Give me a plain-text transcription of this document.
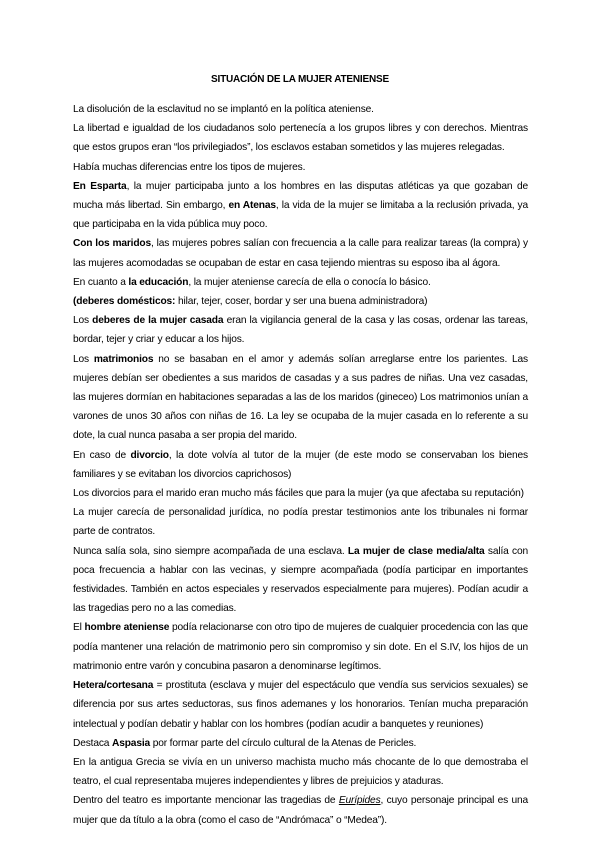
SITUACIÓN DE LA MUJER ATENIENSE

La disolución de la esclavitud no se implantó en la política ateniense.

La libertad e igualdad de los ciudadanos solo pertenecía a los grupos libres y con derechos. Mientras que estos grupos eran “los privilegiados”, los esclavos estaban sometidos y las mujeres relegadas.

Había muchas diferencias entre los tipos de mujeres.

En Esparta, la mujer participaba junto a los hombres en las disputas atléticas ya que gozaban de mucha más libertad. Sin embargo, en Atenas, la vida de la mujer se limitaba a la reclusión privada, ya que participaba en la vida pública muy poco.

Con los maridos, las mujeres pobres salían con frecuencia a la calle para realizar tareas (la compra) y las mujeres acomodadas se ocupaban de estar en casa tejiendo mientras su esposo iba al ágora.

En cuanto a la educación, la mujer ateniense carecía de ella o conocía lo básico.

(deberes domésticos: hilar, tejer, coser, bordar y ser una buena administradora)

Los deberes de la mujer casada eran la vigilancia general de la casa y las cosas, ordenar las tareas, bordar, tejer y criar y educar a los hijos.

Los matrimonios no se basaban en el amor y además solían arreglarse entre los parientes. Las mujeres debían ser obedientes a sus maridos de casadas y a sus padres de niñas. Una vez casadas, las mujeres dormían en habitaciones separadas a las de los maridos (gineceo) Los matrimonios unían a varones de unos 30 años con niñas de 16. La ley se ocupaba de la mujer casada en lo referente a su dote, la cual nunca pasaba a ser propia del marido.

En caso de divorcio, la dote volvía al tutor de la mujer (de este modo se conservaban los bienes familiares y se evitaban los divorcios caprichosos)

Los divorcios para el marido eran mucho más fáciles que para la mujer (ya que afectaba su reputación)

La mujer carecía de personalidad jurídica, no podía prestar testimonios ante los tribunales ni formar parte de contratos.

Nunca salía sola, sino siempre acompañada de una esclava. La mujer de clase media/alta salía con poca frecuencia a hablar con las vecinas, y siempre acompañada (podía participar en importantes festividades. También en actos especiales y reservados especialmente para mujeres). Podían acudir a las tragedias pero no a las comedias.

El hombre ateniense podía relacionarse con otro tipo de mujeres de cualquier procedencia con las que podía mantener una relación de matrimonio pero sin compromiso y sin dote. En el S.IV, los hijos de un matrimonio entre varón y concubina pasaron a denominarse legítimos.

Hetera/cortesana = prostituta (esclava y mujer del espectáculo que vendía sus servicios sexuales) se diferencia por sus artes seductoras, sus finos ademanes y los honorarios. Tenían mucha preparación intelectual y podían debatir y hablar con los hombres (podían acudir a banquetes y reuniones)

Destaca Aspasia por formar parte del círculo cultural de la Atenas de Pericles.

En la antigua Grecia se vivía en un universo machista mucho más chocante de lo que demostraba el teatro, el cual representaba mujeres independientes y libres de prejuicios y ataduras.

Dentro del teatro es importante mencionar las tragedias de Eurípides, cuyo personaje principal es una mujer que da título a la obra (como el caso de “Andrómaca” o “Medea”).
